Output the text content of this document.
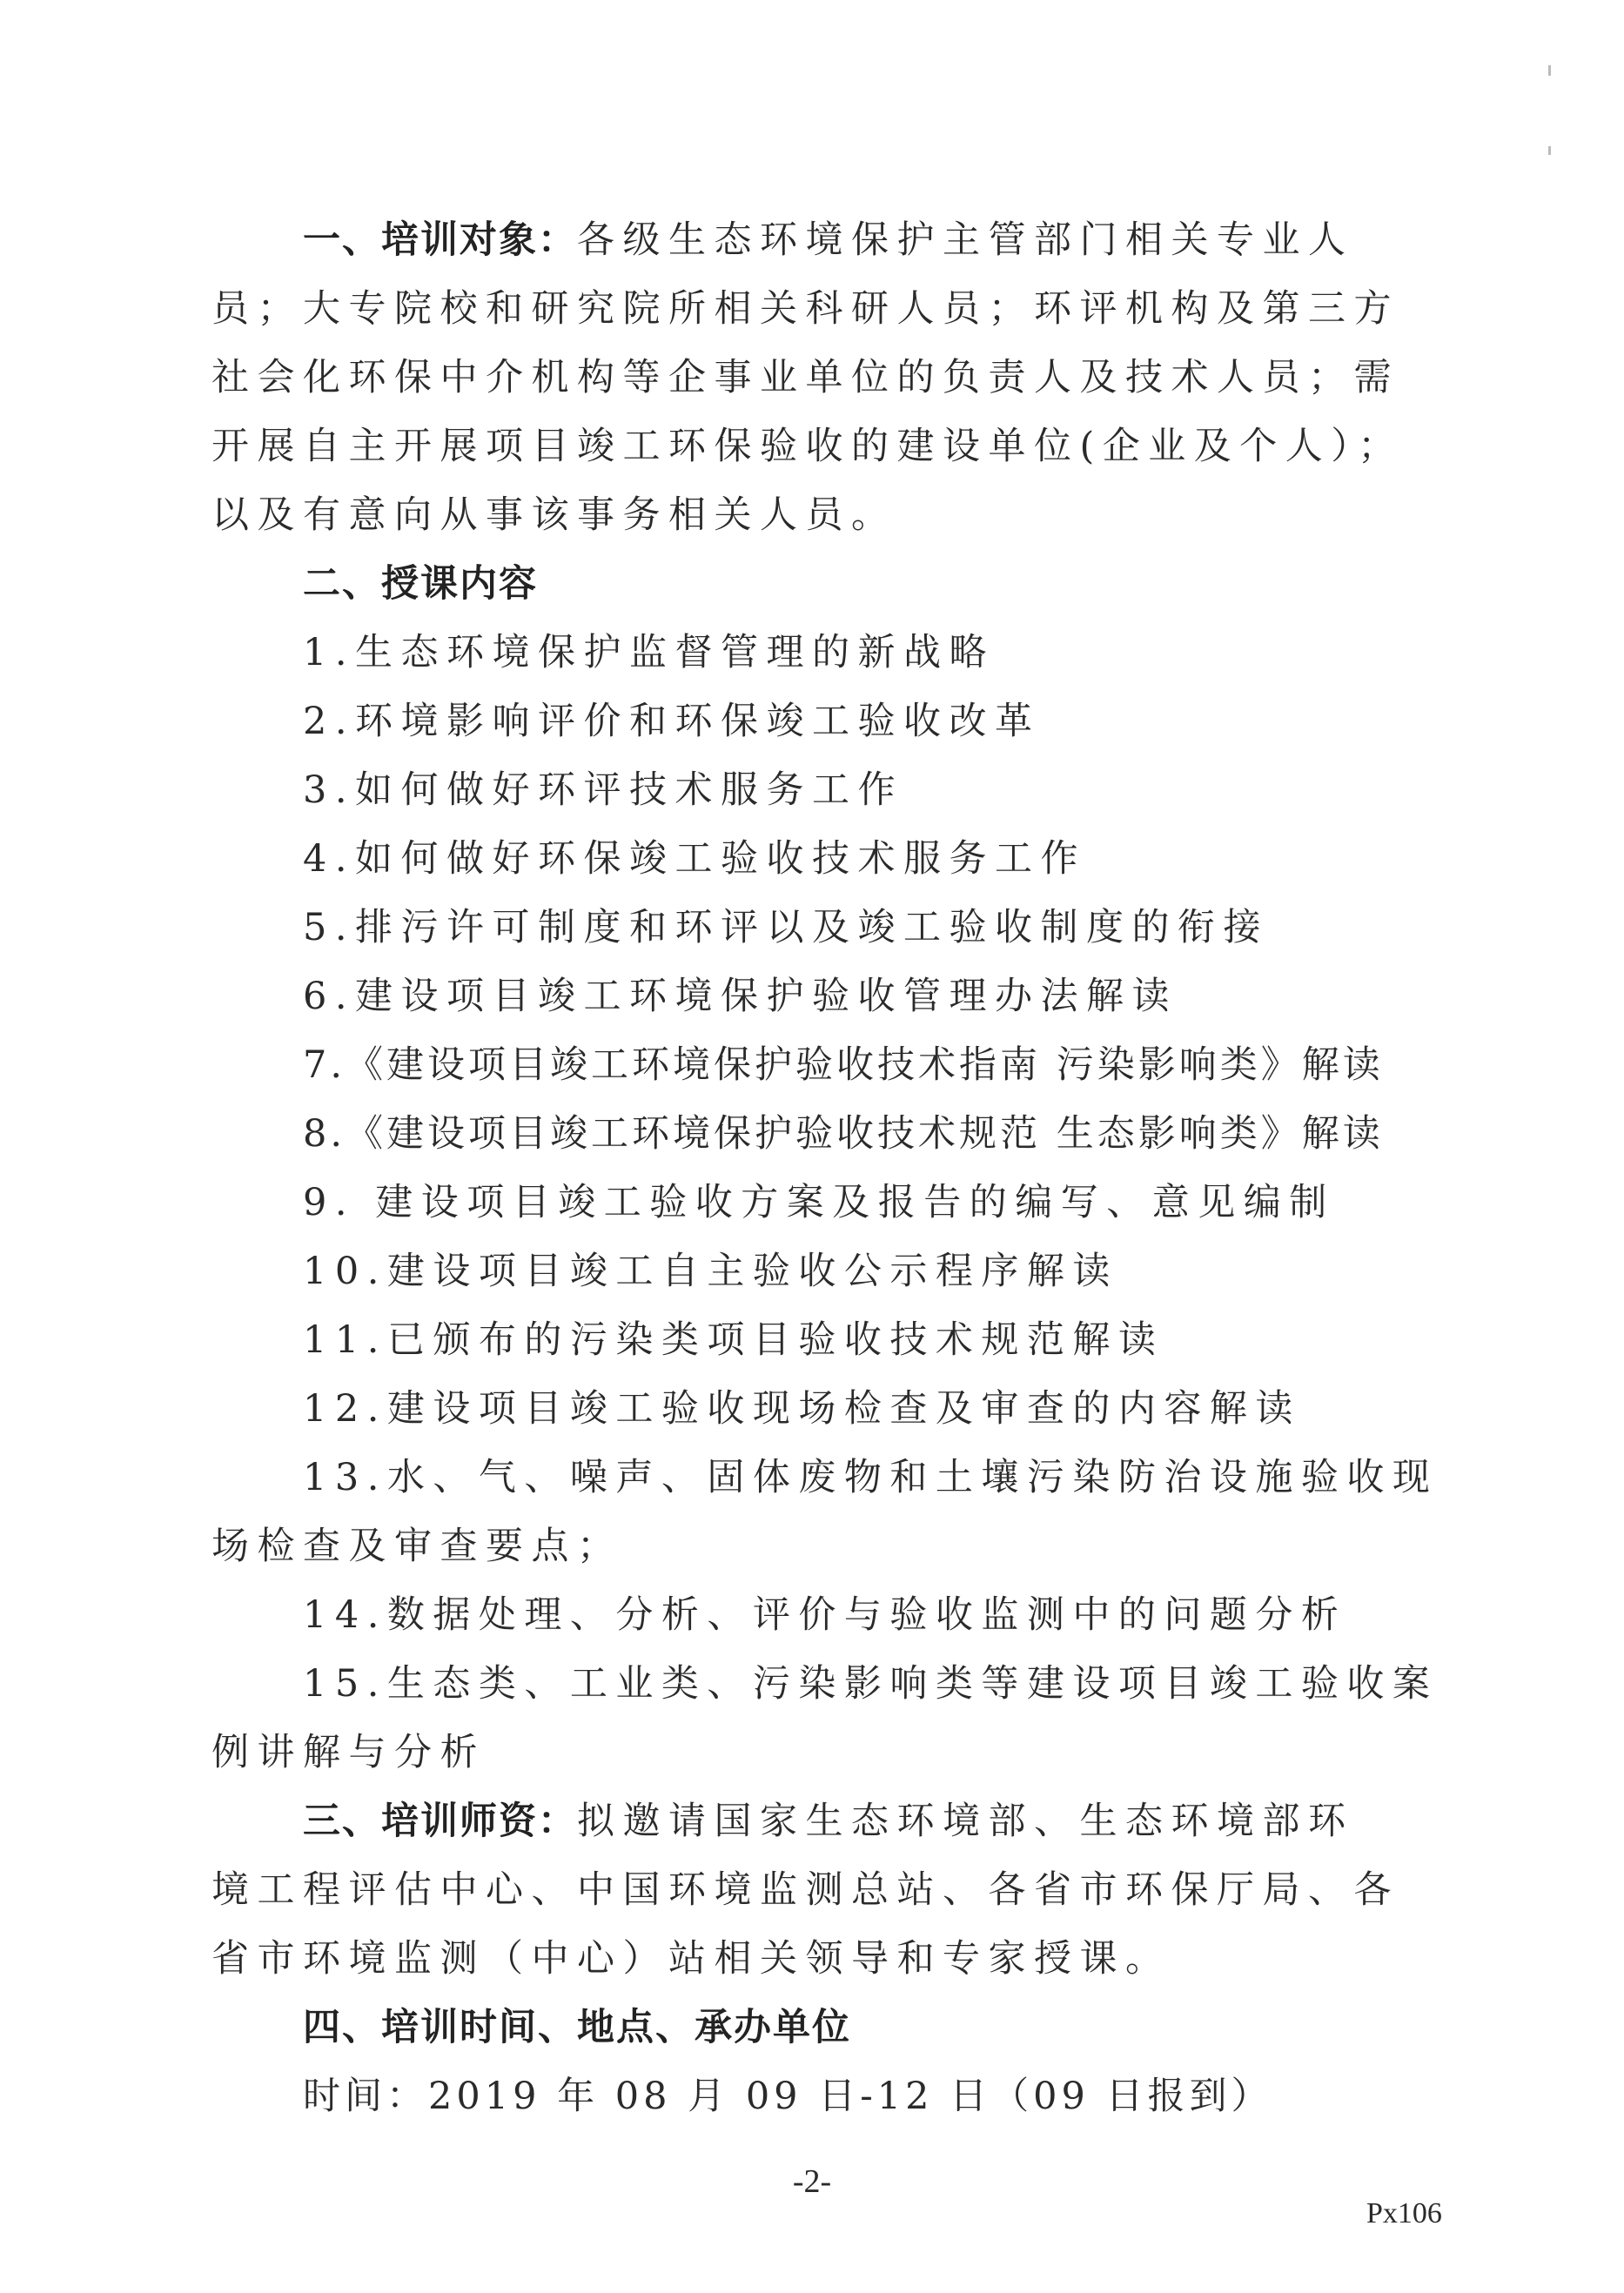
一、培训对象：各级生态环境保护主管部门相关专业人
员；大专院校和研究院所相关科研人员；环评机构及第三方
社会化环保中介机构等企事业单位的负责人及技术人员；需
开展自主开展项目竣工环保验收的建设单位(企业及个人）；
以及有意向从事该事务相关人员。
二、授课内容
1.生态环境保护监督管理的新战略
2.环境影响评价和环保竣工验收改革
3.如何做好环评技术服务工作
4.如何做好环保竣工验收技术服务工作
5.排污许可制度和环评以及竣工验收制度的衔接
6.建设项目竣工环境保护验收管理办法解读
7.《建设项目竣工环境保护验收技术指南 污染影响类》解读
8.《建设项目竣工环境保护验收技术规范 生态影响类》解读
9. 建设项目竣工验收方案及报告的编写、意见编制
10.建设项目竣工自主验收公示程序解读
11.已颁布的污染类项目验收技术规范解读
12.建设项目竣工验收现场检查及审查的内容解读
13.水、气、噪声、固体废物和土壤污染防治设施验收现
场检查及审查要点；
14.数据处理、分析、评价与验收监测中的问题分析
15.生态类、工业类、污染影响类等建设项目竣工验收案
例讲解与分析
三、培训师资：拟邀请国家生态环境部、生态环境部环
境工程评估中心、中国环境监测总站、各省市环保厅局、各
省市环境监测（中心）站相关领导和专家授课。
四、培训时间、地点、承办单位
时间：2019 年 08 月 09 日-12 日（09 日报到）
-2-
Px106
